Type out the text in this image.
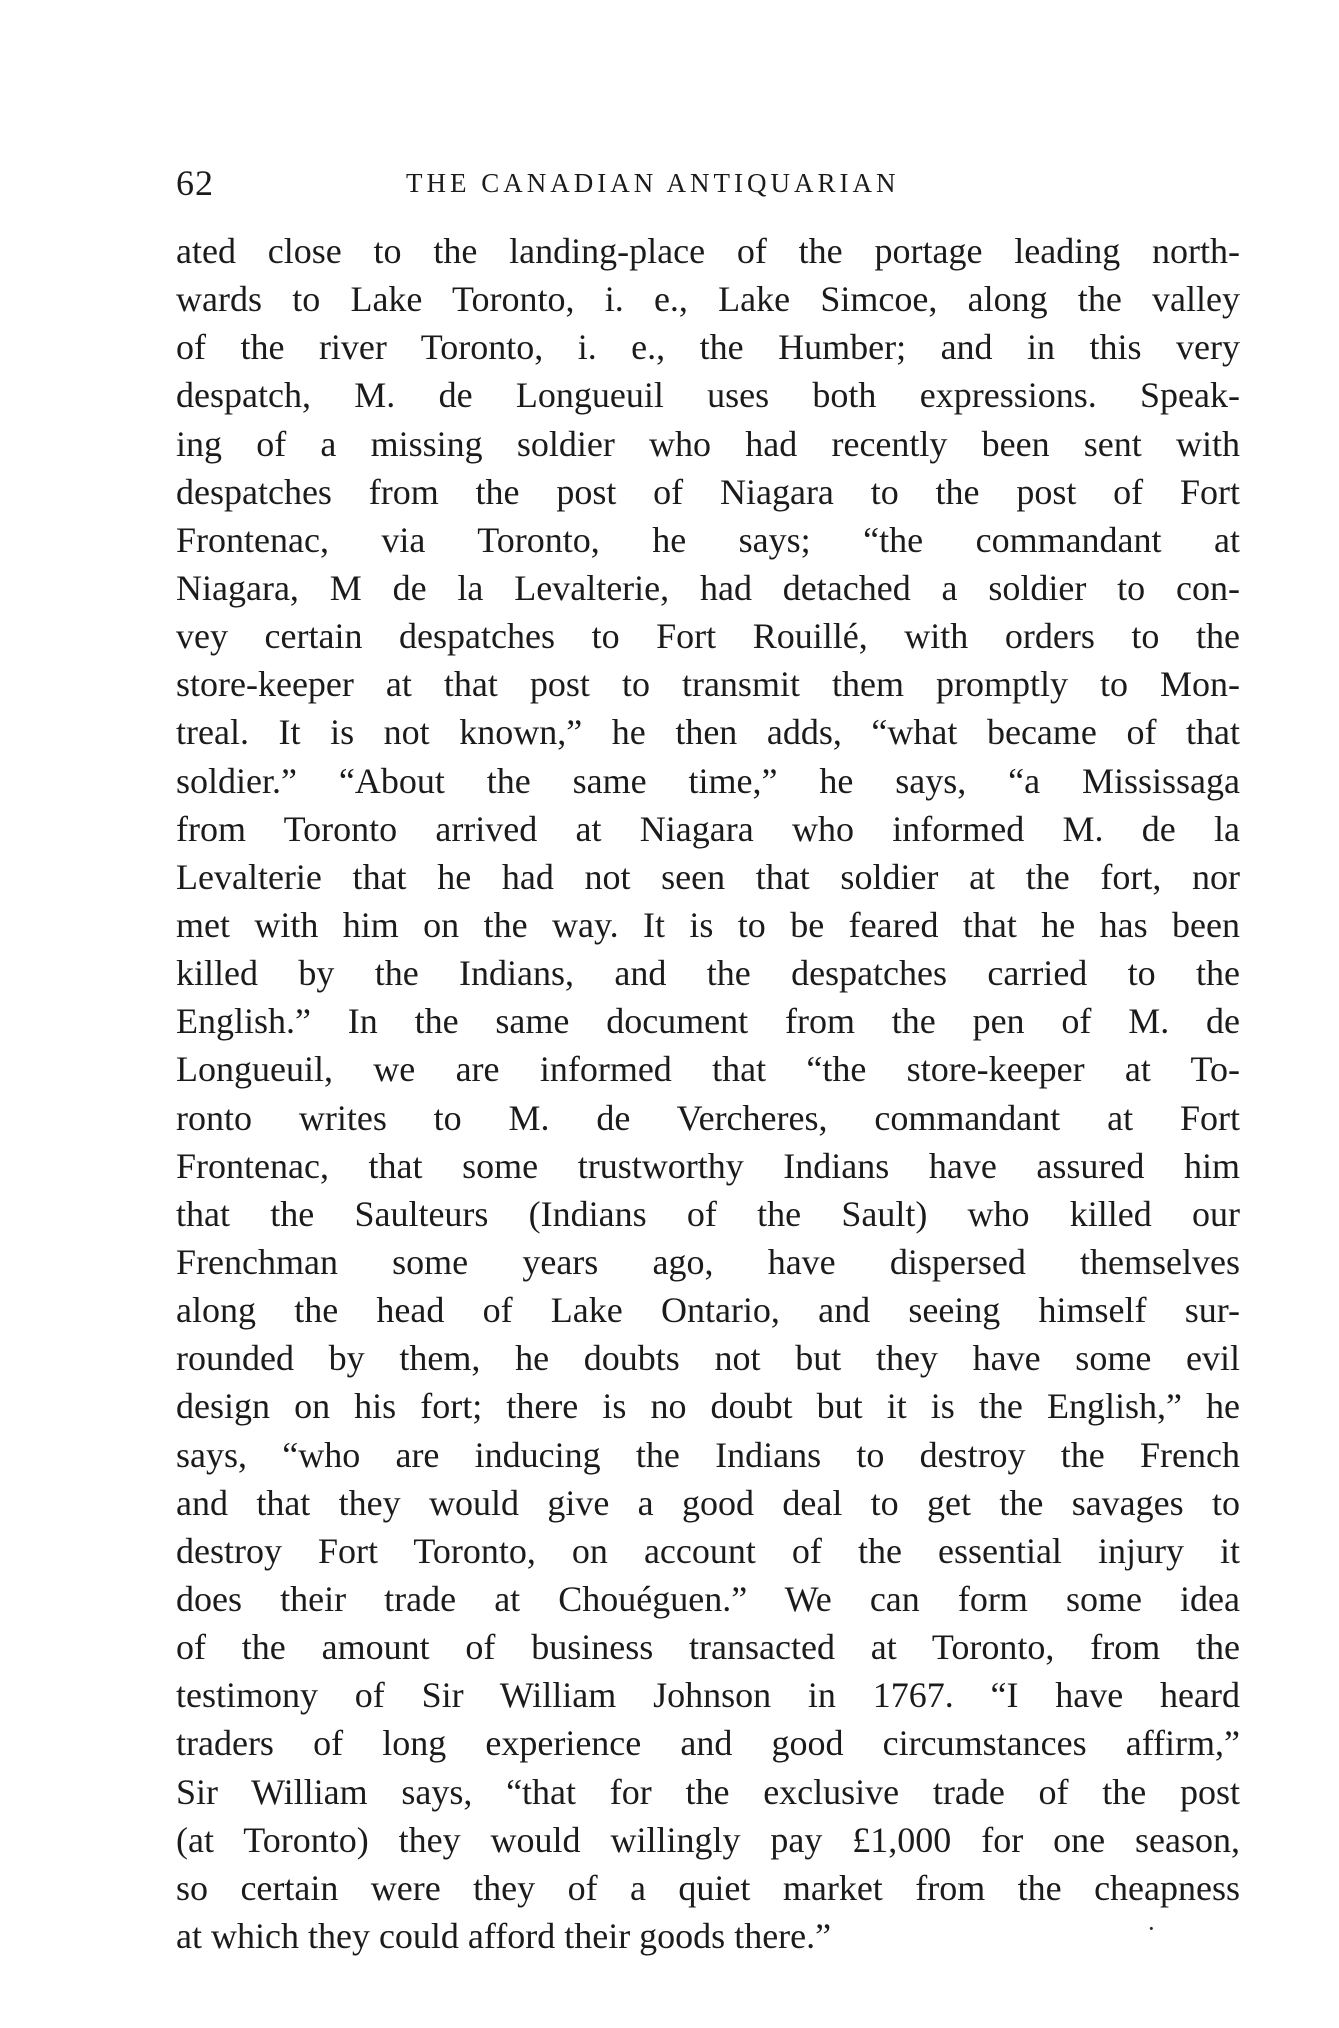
62	THE CANADIAN ANTIQUARIAN
ated close to the landing-place of the portage leading north-
wards to Lake Toronto, i. e., Lake Simcoe, along the valley
of the river Toronto, i. e., the Humber; and in this very
despatch, M. de Longueuil uses both expressions. Speak-
ing of a missing soldier who had recently been sent with
despatches from the post of Niagara to the post of Fort
Frontenac, via Toronto, he says; “the commandant at
Niagara, M de la Levalterie, had detached a soldier to con-
vey certain despatches to Fort Rouillé, with orders to the
store-keeper at that post to transmit them promptly to Mon-
treal. It is not known,” he then adds, “what became of that
soldier.” “About the same time,” he says, “a Mississaga
from Toronto arrived at Niagara who informed M. de la
Levalterie that he had not seen that soldier at the fort, nor
met with him on the way. It is to be feared that he has been
killed by the Indians, and the despatches carried to the
English.” In the same document from the pen of M. de
Longueuil, we are informed that “the store-keeper at To-
ronto writes to M. de Vercheres, commandant at Fort
Frontenac, that some trustworthy Indians have assured him
that the Saulteurs (Indians of the Sault) who killed our
Frenchman some years ago, have dispersed themselves
along the head of Lake Ontario, and seeing himself sur-
rounded by them, he doubts not but they have some evil
design on his fort; there is no doubt but it is the English,” he
says, “who are inducing the Indians to destroy the French
and that they would give a good deal to get the savages to
destroy Fort Toronto, on account of the essential injury it
does their trade at Chouéguen.” We can form some idea
of the amount of business transacted at Toronto, from the
testimony of Sir William Johnson in 1767. “I have heard
traders of long experience and good circumstances affirm,”
Sir William says, “that for the exclusive trade of the post
(at Toronto) they would willingly pay £1,000 for one season,
so certain were they of a quiet market from the cheapness
at which they could afford their goods there.”	·
